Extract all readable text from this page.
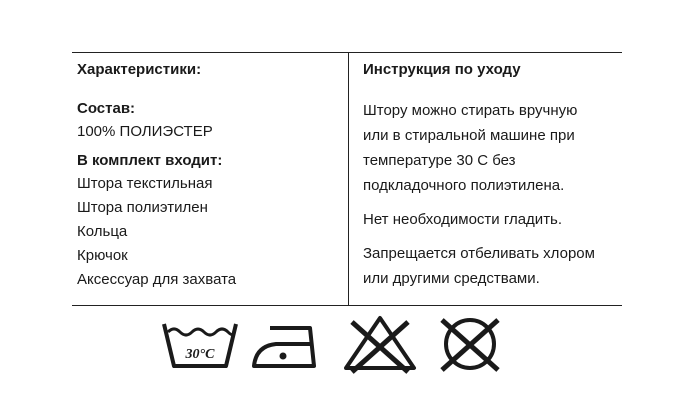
Характеристики:
Состав:
100% ПОЛИЭСТЕР
В комплект входит:
Штора текстильная
Штора полиэтилен
Кольца
Крючок
Аксессуар для захвата
Инструкция по уходу
Штору можно стирать вручную
или в стиральной машине при
температуре 30 С без
подкладочного полиэтилена.
Нет необходимости гладить.
Запрещается отбеливать хлором
или другими средствами.
30°C
